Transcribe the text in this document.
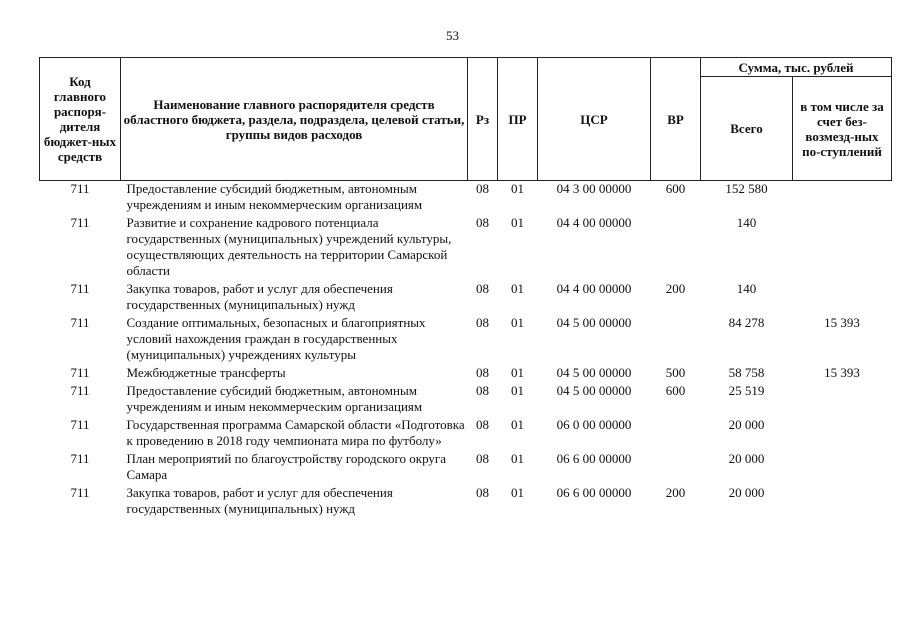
53
Код главного распоря-дителя бюджет-ных средств	Наименование главного распорядителя средств областного бюджета, раздела, подраздела, целевой статьи, группы видов расходов	Рз	ПР	ЦСР	ВР	Сумма, тыс. рублей	
						Всего	в том числе за счет без-возмезд-ных по-ступлений
711	Предоставление субсидий бюджетным, автономным учреждениям и иным некоммерческим организациям	08	01	04 3 00 00000	600	152 580	
711	Развитие и сохранение кадрового потенциала государственных (муниципальных) учреждений культуры, осуществляющих деятельность на территории Самарской области	08	01	04 4 00 00000		140	
711	Закупка товаров, работ и услуг для обеспечения государственных (муниципальных) нужд	08	01	04 4 00 00000	200	140	
711	Создание оптимальных, безопасных и благоприятных условий нахождения граждан в государственных (муниципальных) учреждениях культуры	08	01	04 5 00 00000		84 278	15 393
711	Межбюджетные трансферты	08	01	04 5 00 00000	500	58 758	15 393
711	Предоставление субсидий бюджетным, автономным учреждениям и иным некоммерческим организациям	08	01	04 5 00 00000	600	25 519	
711	Государственная программа Самарской области «Подготовка к проведению в 2018 году чемпионата мира по футболу»	08	01	06 0 00 00000		20 000	
711	План мероприятий по благоустройству городского округа Самара	08	01	06 6 00 00000		20 000	
711	Закупка товаров, работ и услуг для обеспечения государственных (муниципальных) нужд	08	01	06 6 00 00000	200	20 000	
